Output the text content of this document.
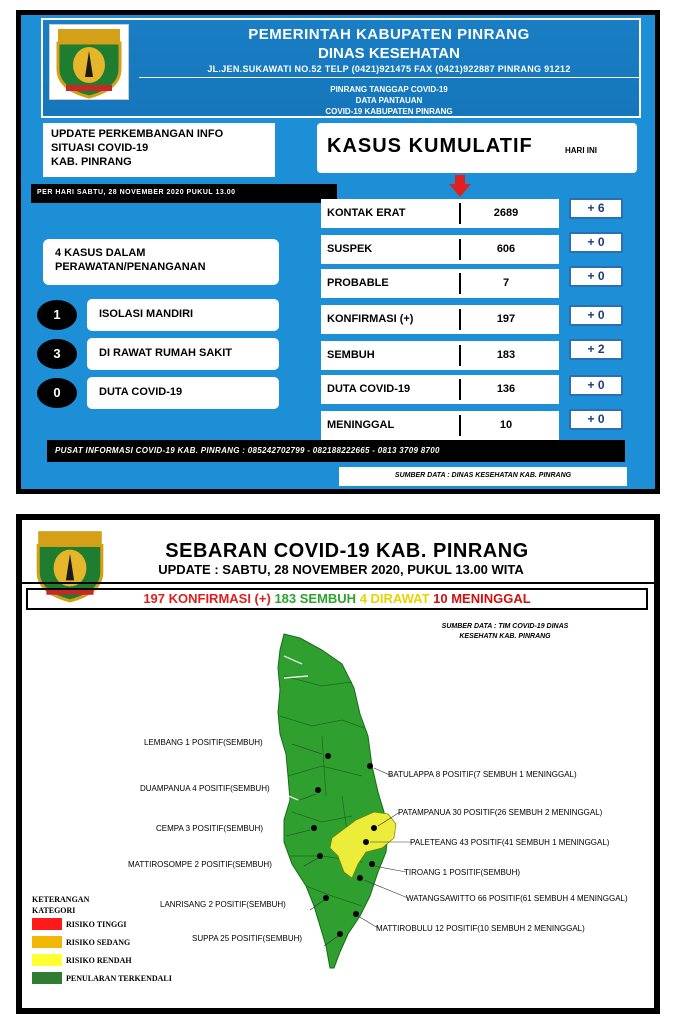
PEMERINTAH KABUPATEN PINRANG
DINAS KESEHATAN
JL.JEN.SUKAWATI NO.52 TELP (0421)921475 FAX (0421)922887 PINRANG 91212
PINRANG TANGGAP COVID-19
DATA PANTAUAN
COVID-19 KABUPATEN PINRANG
UPDATE PERKEMBANGAN INFO
SITUASI COVID-19
KAB. PINRANG
PER HARI SABTU, 28 NOVEMBER 2020 PUKUL 13.00
KASUS KUMULATIF	HARI INI
4 KASUS DALAM
PERAWATAN/PENANGANAN
1	ISOLASI MANDIRI
3	DI RAWAT RUMAH SAKIT
0	DUTA COVID-19
KONTAK ERAT	2689	+ 6
SUSPEK	606	+ 0
PROBABLE	7	+ 0
KONFIRMASI (+)	197	+ 0
SEMBUH	183	+ 2
DUTA COVID-19	136	+ 0
MENINGGAL	10	+ 0
PUSAT INFORMASI COVID-19 KAB. PINRANG : 085242702799 - 082188222665 - 0813 3709 8700
SUMBER DATA : DINAS KESEHATAN KAB. PINRANG
SEBARAN COVID-19 KAB. PINRANG
UPDATE : SABTU, 28 NOVEMBER 2020, PUKUL 13.00 WITA
197 KONFIRMASI (+) 183 SEMBUH 4 DIRAWAT 10 MENINGGAL
SUMBER DATA : TIM COVID-19 DINAS
KESEHATN KAB. PINRANG
LEMBANG 1 POSITIF(SEMBUH)
DUAMPANUA 4 POSITIF(SEMBUH)
CEMPA 3 POSITIF(SEMBUH)
MATTIROSOMPE 2 POSITIF(SEMBUH)
LANRISANG 2 POSITIF(SEMBUH)
SUPPA 25 POSITIF(SEMBUH)
BATULAPPA 8 POSITIF(7 SEMBUH 1 MENINGGAL)
PATAMPANUA 30 POSITIF(26 SEMBUH 2 MENINGGAL)
PALETEANG 43 POSITIF(41 SEMBUH 1 MENINGGAL)
TIROANG 1 POSITIF(SEMBUH)
WATANGSAWITTO 66 POSITIF(61 SEMBUH 4 MENINGGAL)
MATTIROBULU 12 POSITIF(10 SEMBUH 2 MENINGGAL)
KETERANGAN
KATEGORI
RISIKO TINGGI
RISIKO SEDANG
RISIKO RENDAH
PENULARAN TERKENDALI
